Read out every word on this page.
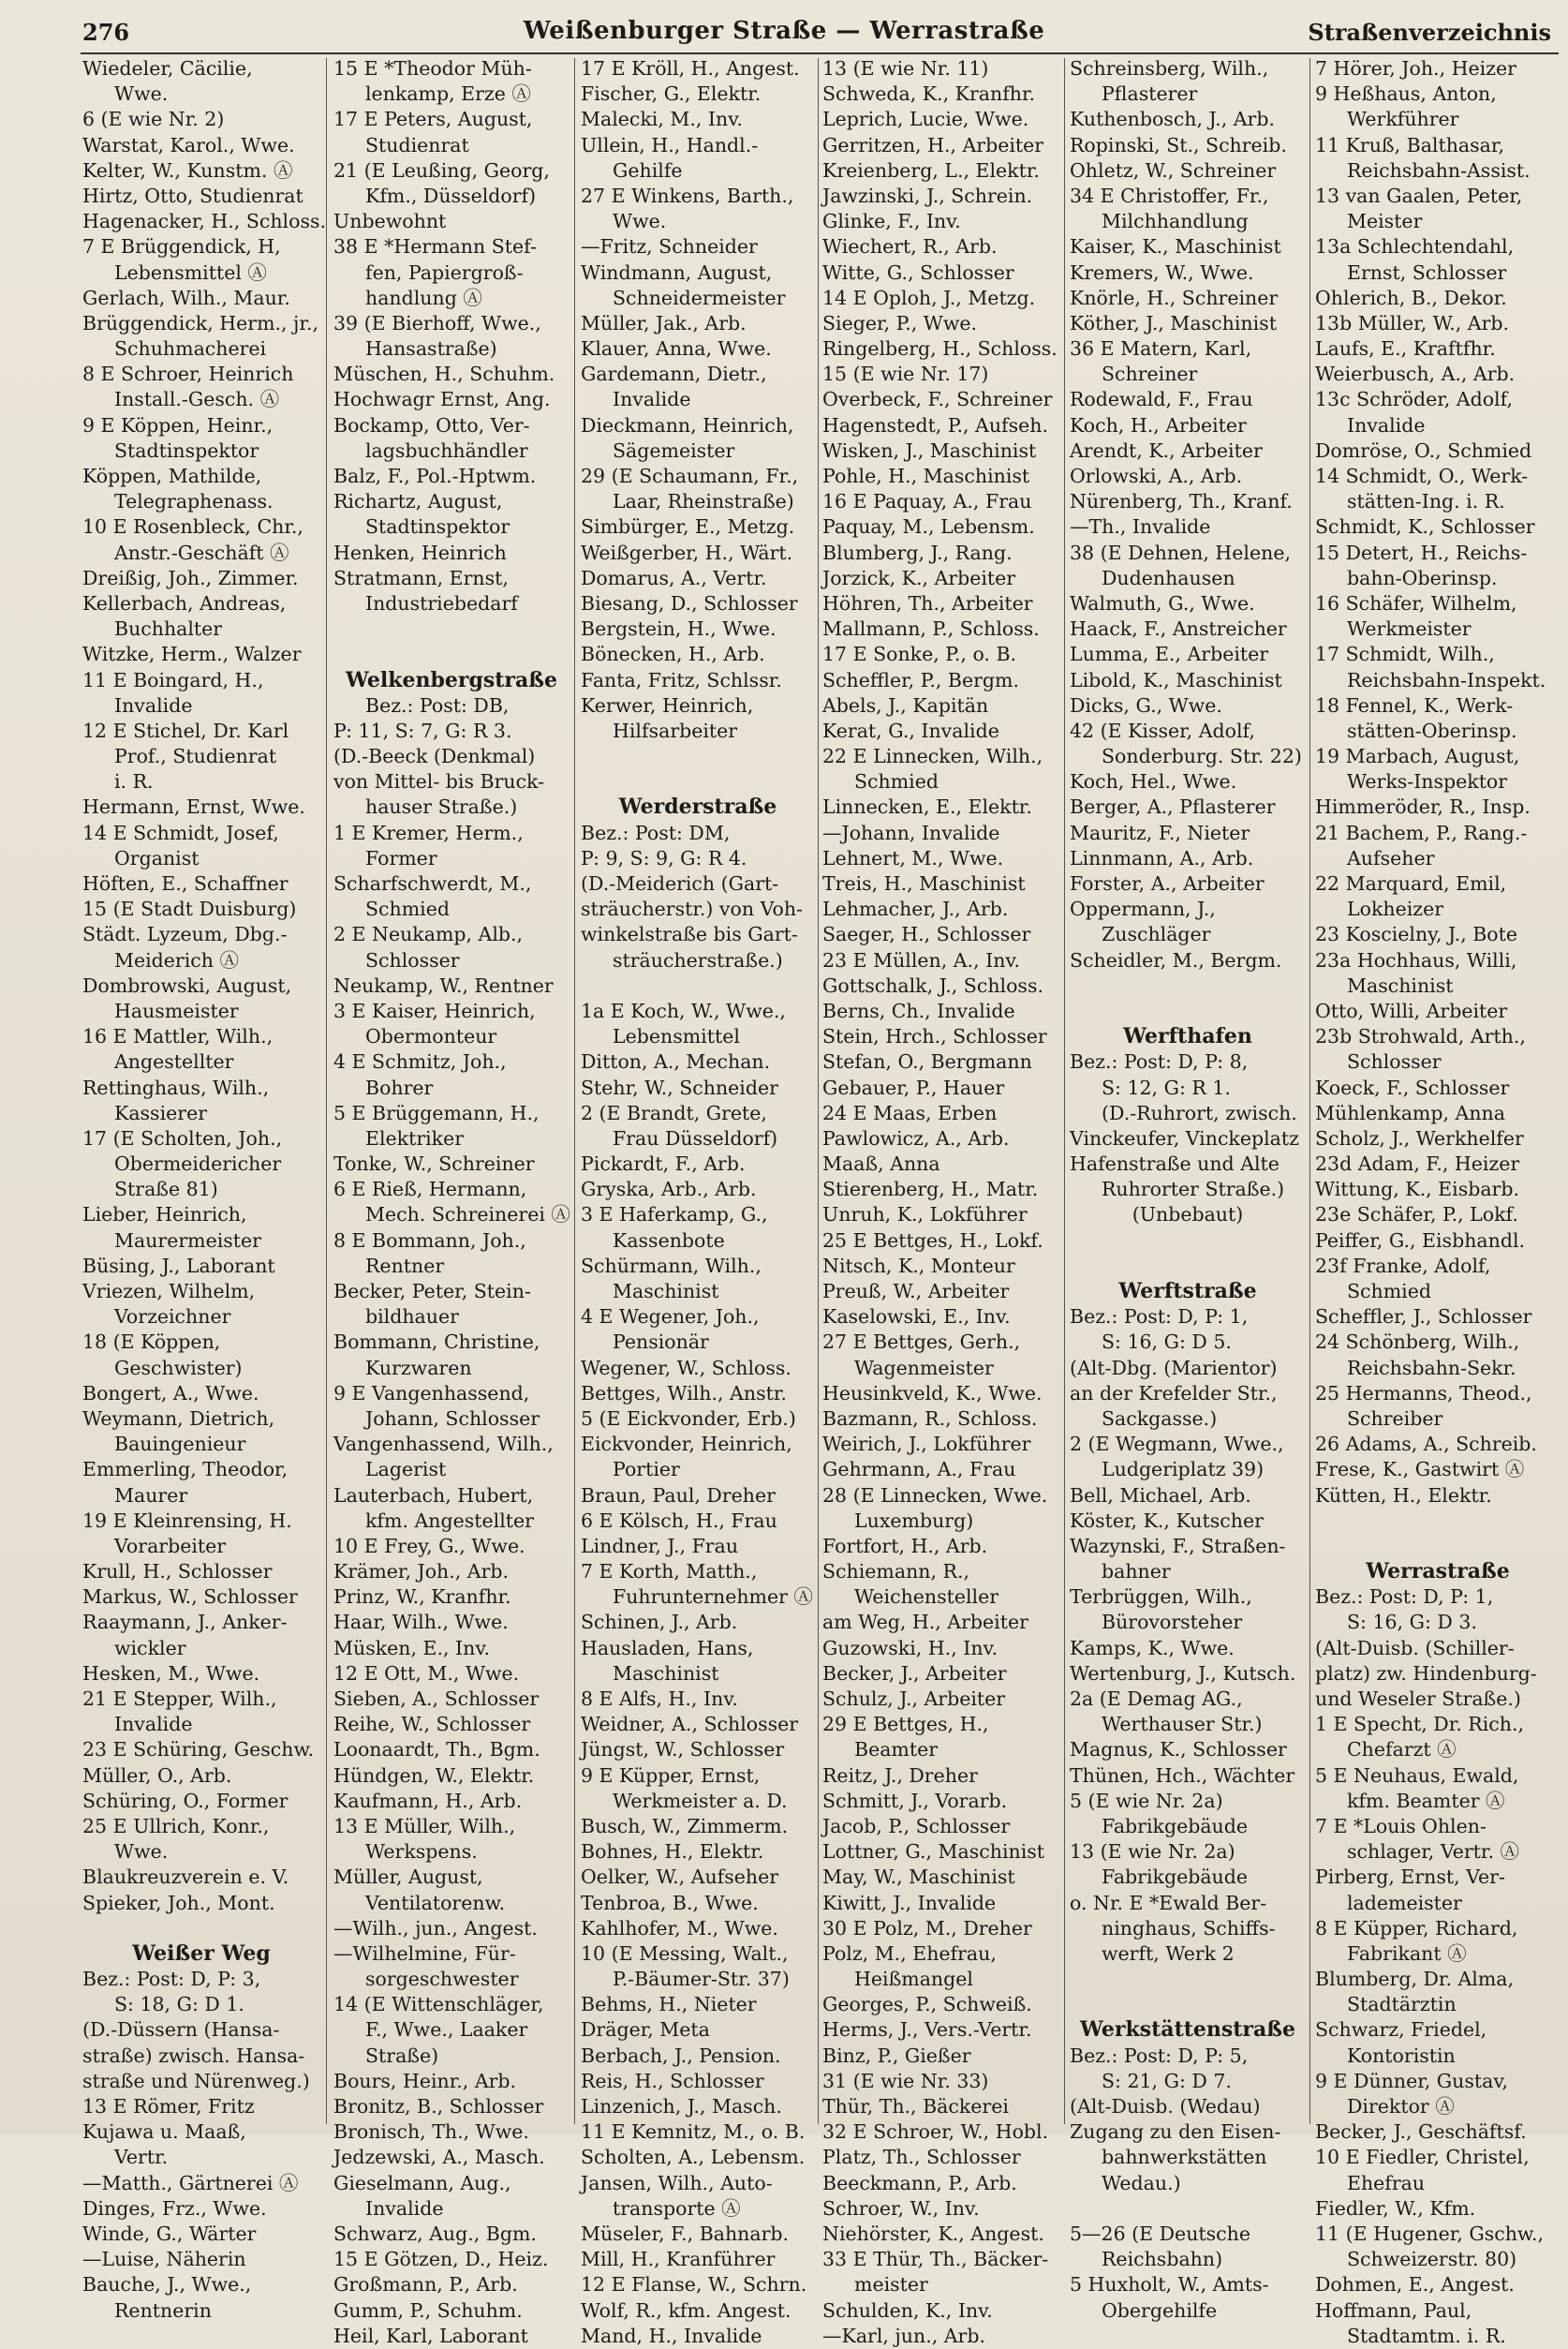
276	Weißenburger Straße — Werrastraße	Straßenverzeichnis
Wiedeler, Cäcilie,
Wwe.
6 (E wie Nr. 2)
Warstat, Karol., Wwe.
Kelter, W., Kunstm. Ⓐ
Hirtz, Otto, Studienrat
Hagenacker, H., Schloss.
7 E Brüggendick, H,
Lebensmittel Ⓐ
Gerlach, Wilh., Maur.
Brüggendick, Herm., jr.,
Schuhmacherei
8 E Schroer, Heinrich
Install.-Gesch. Ⓐ
9 E Köppen, Heinr.,
Stadtinspektor
Köppen, Mathilde,
Telegraphenass.
10 E Rosenbleck, Chr.,
Anstr.-Geschäft Ⓐ
Dreißig, Joh., Zimmer.
Kellerbach, Andreas,
Buchhalter
Witzke, Herm., Walzer
11 E Boingard, H.,
Invalide
12 E Stichel, Dr. Karl
Prof., Studienrat
i. R.
Hermann, Ernst, Wwe.
14 E Schmidt, Josef,
Organist
Höften, E., Schaffner
15 (E Stadt Duisburg)
Städt. Lyzeum, Dbg.-
Meiderich Ⓐ
Dombrowski, August,
Hausmeister
16 E Mattler, Wilh.,
Angestellter
Rettinghaus, Wilh.,
Kassierer
17 (E Scholten, Joh.,
Obermeidericher
Straße 81)
Lieber, Heinrich,
Maurermeister
Büsing, J., Laborant
Vriezen, Wilhelm,
Vorzeichner
18 (E Köppen,
Geschwister)
Bongert, A., Wwe.
Weymann, Dietrich,
Bauingenieur
Emmerling, Theodor,
Maurer
19 E Kleinrensing, H.
Vorarbeiter
Krull, H., Schlosser
Markus, W., Schlosser
Raaymann, J., Anker-
wickler
Hesken, M., Wwe.
21 E Stepper, Wilh.,
Invalide
23 E Schüring, Geschw.
Müller, O., Arb.
Schüring, O., Former
25 E Ullrich, Konr.,
Wwe.
Blaukreuzverein e. V.
Spieker, Joh., Mont.
Weißer Weg
Bez.: Post: D, P: 3,
S: 18, G: D 1.
(D.-Düssern (Hansa-
straße) zwisch. Hansa-
straße und Nürenweg.)
13 E Römer, Fritz
Kujawa u. Maaß,
Vertr.
—Matth., Gärtnerei Ⓐ
Dinges, Frz., Wwe.
Winde, G., Wärter
—Luise, Näherin
Bauche, J., Wwe.,
Rentnerin
15 E *Theodor Müh-
lenkamp, Erze Ⓐ
17 E Peters, August,
Studienrat
21 (E Leußing, Georg,
Kfm., Düsseldorf)
Unbewohnt
38 E *Hermann Stef-
fen, Papiergroß-
handlung Ⓐ
39 (E Bierhoff, Wwe.,
Hansastraße)
Müschen, H., Schuhm.
Hochwagr Ernst, Ang.
Bockamp, Otto, Ver-
lagsbuchhändler
Balz, F., Pol.-Hptwm.
Richartz, August,
Stadtinspektor
Henken, Heinrich
Stratmann, Ernst,
Industriebedarf
Welkenbergstraße
Bez.: Post: DB,
P: 11, S: 7, G: R 3.
(D.-Beeck (Denkmal)
von Mittel- bis Bruck-
hauser Straße.)
1 E Kremer, Herm.,
Former
Scharfschwerdt, M.,
Schmied
2 E Neukamp, Alb.,
Schlosser
Neukamp, W., Rentner
3 E Kaiser, Heinrich,
Obermonteur
4 E Schmitz, Joh.,
Bohrer
5 E Brüggemann, H.,
Elektriker
Tonke, W., Schreiner
6 E Rieß, Hermann,
Mech. Schreinerei Ⓐ
8 E Bommann, Joh.,
Rentner
Becker, Peter, Stein-
bildhauer
Bommann, Christine,
Kurzwaren
9 E Vangenhassend,
Johann, Schlosser
Vangenhassend, Wilh.,
Lagerist
Lauterbach, Hubert,
kfm. Angestellter
10 E Frey, G., Wwe.
Krämer, Joh., Arb.
Prinz, W., Kranfhr.
Haar, Wilh., Wwe.
Müsken, E., Inv.
12 E Ott, M., Wwe.
Sieben, A., Schlosser
Reihe, W., Schlosser
Loonaardt, Th., Bgm.
Hündgen, W., Elektr.
Kaufmann, H., Arb.
13 E Müller, Wilh.,
Werkspens.
Müller, August,
Ventilatorenw.
—Wilh., jun., Angest.
—Wilhelmine, Für-
sorgeschwester
14 (E Wittenschläger,
F., Wwe., Laaker
Straße)
Bours, Heinr., Arb.
Bronitz, B., Schlosser
Bronisch, Th., Wwe.
Jedzewski, A., Masch.
Gieselmann, Aug.,
Invalide
Schwarz, Aug., Bgm.
15 E Götzen, D., Heiz.
Großmann, P., Arb.
Gumm, P., Schuhm.
Heil, Karl, Laborant
17 E Kröll, H., Angest.
Fischer, G., Elektr.
Malecki, M., Inv.
Ullein, H., Handl.-
Gehilfe
27 E Winkens, Barth.,
Wwe.
—Fritz, Schneider
Windmann, August,
Schneidermeister
Müller, Jak., Arb.
Klauer, Anna, Wwe.
Gardemann, Dietr.,
Invalide
Dieckmann, Heinrich,
Sägemeister
29 (E Schaumann, Fr.,
Laar, Rheinstraße)
Simbürger, E., Metzg.
Weißgerber, H., Wärt.
Domarus, A., Vertr.
Biesang, D., Schlosser
Bergstein, H., Wwe.
Bönecken, H., Arb.
Fanta, Fritz, Schlssr.
Kerwer, Heinrich,
Hilfsarbeiter
Werderstraße
Bez.: Post: DM,
P: 9, S: 9, G: R 4.
(D.-Meiderich (Gart-
sträucherstr.) von Voh-
winkelstraße bis Gart-
sträucherstraße.)
1a E Koch, W., Wwe.,
Lebensmittel
Ditton, A., Mechan.
Stehr, W., Schneider
2 (E Brandt, Grete,
Frau Düsseldorf)
Pickardt, F., Arb.
Gryska, Arb., Arb.
3 E Haferkamp, G.,
Kassenbote
Schürmann, Wilh.,
Maschinist
4 E Wegener, Joh.,
Pensionär
Wegener, W., Schloss.
Bettges, Wilh., Anstr.
5 (E Eickvonder, Erb.)
Eickvonder, Heinrich,
Portier
Braun, Paul, Dreher
6 E Kölsch, H., Frau
Lindner, J., Frau
7 E Korth, Matth.,
Fuhrunternehmer Ⓐ
Schinen, J., Arb.
Hausladen, Hans,
Maschinist
8 E Alfs, H., Inv.
Weidner, A., Schlosser
Jüngst, W., Schlosser
9 E Küpper, Ernst,
Werkmeister a. D.
Busch, W., Zimmerm.
Bohnes, H., Elektr.
Oelker, W., Aufseher
Tenbroa, B., Wwe.
Kahlhofer, M., Wwe.
10 (E Messing, Walt.,
P.-Bäumer-Str. 37)
Behms, H., Nieter
Dräger, Meta
Berbach, J., Pension.
Reis, H., Schlosser
Linzenich, J., Masch.
11 E Kemnitz, M., o. B.
Scholten, A., Lebensm.
Jansen, Wilh., Auto-
transporte Ⓐ
Müseler, F., Bahnarb.
Mill, H., Kranführer
12 E Flanse, W., Schrn.
Wolf, R., kfm. Angest.
Mand, H., Invalide
13 (E wie Nr. 11)
Schweda, K., Kranfhr.
Leprich, Lucie, Wwe.
Gerritzen, H., Arbeiter
Kreienberg, L., Elektr.
Jawzinski, J., Schrein.
Glinke, F., Inv.
Wiechert, R., Arb.
Witte, G., Schlosser
14 E Oploh, J., Metzg.
Sieger, P., Wwe.
Ringelberg, H., Schloss.
15 (E wie Nr. 17)
Overbeck, F., Schreiner
Hagenstedt, P., Aufseh.
Wisken, J., Maschinist
Pohle, H., Maschinist
16 E Paquay, A., Frau
Paquay, M., Lebensm.
Blumberg, J., Rang.
Jorzick, K., Arbeiter
Höhren, Th., Arbeiter
Mallmann, P., Schloss.
17 E Sonke, P., o. B.
Scheffler, P., Bergm.
Abels, J., Kapitän
Kerat, G., Invalide
22 E Linnecken, Wilh.,
Schmied
Linnecken, E., Elektr.
—Johann, Invalide
Lehnert, M., Wwe.
Treis, H., Maschinist
Lehmacher, J., Arb.
Saeger, H., Schlosser
23 E Müllen, A., Inv.
Gottschalk, J., Schloss.
Berns, Ch., Invalide
Stein, Hrch., Schlosser
Stefan, O., Bergmann
Gebauer, P., Hauer
24 E Maas, Erben
Pawlowicz, A., Arb.
Maaß, Anna
Stierenberg, H., Matr.
Unruh, K., Lokführer
25 E Bettges, H., Lokf.
Nitsch, K., Monteur
Preuß, W., Arbeiter
Kaselowski, E., Inv.
27 E Bettges, Gerh.,
Wagenmeister
Heusinkveld, K., Wwe.
Bazmann, R., Schloss.
Weirich, J., Lokführer
Gehrmann, A., Frau
28 (E Linnecken, Wwe.
Luxemburg)
Fortfort, H., Arb.
Schiemann, R.,
Weichensteller
am Weg, H., Arbeiter
Guzowski, H., Inv.
Becker, J., Arbeiter
Schulz, J., Arbeiter
29 E Bettges, H.,
Beamter
Reitz, J., Dreher
Schmitt, J., Vorarb.
Jacob, P., Schlosser
Lottner, G., Maschinist
May, W., Maschinist
Kiwitt, J., Invalide
30 E Polz, M., Dreher
Polz, M., Ehefrau,
Heißmangel
Georges, P., Schweiß.
Herms, J., Vers.-Vertr.
Binz, P., Gießer
31 (E wie Nr. 33)
Thür, Th., Bäckerei
32 E Schroer, W., Hobl.
Platz, Th., Schlosser
Beeckmann, P., Arb.
Schroer, W., Inv.
Niehörster, K., Angest.
33 E Thür, Th., Bäcker-
meister
Schulden, K., Inv.
—Karl, jun., Arb.
Schreinsberg, Wilh.,
Pflasterer
Kuthenbosch, J., Arb.
Ropinski, St., Schreib.
Ohletz, W., Schreiner
34 E Christoffer, Fr.,
Milchhandlung
Kaiser, K., Maschinist
Kremers, W., Wwe.
Knörle, H., Schreiner
Köther, J., Maschinist
36 E Matern, Karl,
Schreiner
Rodewald, F., Frau
Koch, H., Arbeiter
Arendt, K., Arbeiter
Orlowski, A., Arb.
Nürenberg, Th., Kranf.
—Th., Invalide
38 (E Dehnen, Helene,
Dudenhausen
Walmuth, G., Wwe.
Haack, F., Anstreicher
Lumma, E., Arbeiter
Libold, K., Maschinist
Dicks, G., Wwe.
42 (E Kisser, Adolf,
Sonderburg. Str. 22)
Koch, Hel., Wwe.
Berger, A., Pflasterer
Mauritz, F., Nieter
Linnmann, A., Arb.
Forster, A., Arbeiter
Oppermann, J.,
Zuschläger
Scheidler, M., Bergm.
Werfthafen
Bez.: Post: D, P: 8,
S: 12, G: R 1.
(D.-Ruhrort, zwisch.
Vinckeufer, Vinckeplatz
Hafenstraße und Alte
Ruhrorter Straße.)
(Unbebaut)
Werftstraße
Bez.: Post: D, P: 1,
S: 16, G: D 5.
(Alt-Dbg. (Marientor)
an der Krefelder Str.,
Sackgasse.)
2 (E Wegmann, Wwe.,
Ludgeriplatz 39)
Bell, Michael, Arb.
Köster, K., Kutscher
Wazynski, F., Straßen-
bahner
Terbrüggen, Wilh.,
Bürovorsteher
Kamps, K., Wwe.
Wertenburg, J., Kutsch.
2a (E Demag AG.,
Werthauser Str.)
Magnus, K., Schlosser
Thünen, Hch., Wächter
5 (E wie Nr. 2a)
Fabrikgebäude
13 (E wie Nr. 2a)
Fabrikgebäude
o. Nr. E *Ewald Ber-
ninghaus, Schiffs-
werft, Werk 2
Werkstättenstraße
Bez.: Post: D, P: 5,
S: 21, G: D 7.
(Alt-Duisb. (Wedau)
Zugang zu den Eisen-
bahnwerkstätten
Wedau.)
5—26 (E Deutsche
Reichsbahn)
5 Huxholt, W., Amts-
Obergehilfe
7 Hörer, Joh., Heizer
9 Heßhaus, Anton,
Werkführer
11 Kruß, Balthasar,
Reichsbahn-Assist.
13 van Gaalen, Peter,
Meister
13a Schlechtendahl,
Ernst, Schlosser
Ohlerich, B., Dekor.
13b Müller, W., Arb.
Laufs, E., Kraftfhr.
Weierbusch, A., Arb.
13c Schröder, Adolf,
Invalide
Domröse, O., Schmied
14 Schmidt, O., Werk-
stätten-Ing. i. R.
Schmidt, K., Schlosser
15 Detert, H., Reichs-
bahn-Oberinsp.
16 Schäfer, Wilhelm,
Werkmeister
17 Schmidt, Wilh.,
Reichsbahn-Inspekt.
18 Fennel, K., Werk-
stätten-Oberinsp.
19 Marbach, August,
Werks-Inspektor
Himmeröder, R., Insp.
21 Bachem, P., Rang.-
Aufseher
22 Marquard, Emil,
Lokheizer
23 Koscielny, J., Bote
23a Hochhaus, Willi,
Maschinist
Otto, Willi, Arbeiter
23b Strohwald, Arth.,
Schlosser
Koeck, F., Schlosser
Mühlenkamp, Anna
Scholz, J., Werkhelfer
23d Adam, F., Heizer
Wittung, K., Eisbarb.
23e Schäfer, P., Lokf.
Peiffer, G., Eisbhandl.
23f Franke, Adolf,
Schmied
Scheffler, J., Schlosser
24 Schönberg, Wilh.,
Reichsbahn-Sekr.
25 Hermanns, Theod.,
Schreiber
26 Adams, A., Schreib.
Frese, K., Gastwirt Ⓐ
Kütten, H., Elektr.
Werrastraße
Bez.: Post: D, P: 1,
S: 16, G: D 3.
(Alt-Duisb. (Schiller-
platz) zw. Hindenburg-
und Weseler Straße.)
1 E Specht, Dr. Rich.,
Chefarzt Ⓐ
5 E Neuhaus, Ewald,
kfm. Beamter Ⓐ
7 E *Louis Ohlen-
schlager, Vertr. Ⓐ
Pirberg, Ernst, Ver-
lademeister
8 E Küpper, Richard,
Fabrikant Ⓐ
Blumberg, Dr. Alma,
Stadtärztin
Schwarz, Friedel,
Kontoristin
9 E Dünner, Gustav,
Direktor Ⓐ
Becker, J., Geschäftsf.
10 E Fiedler, Christel,
Ehefrau
Fiedler, W., Kfm.
11 (E Hugener, Gschw.,
Schweizerstr. 80)
Dohmen, E., Angest.
Hoffmann, Paul,
Stadtamtm. i. R.
